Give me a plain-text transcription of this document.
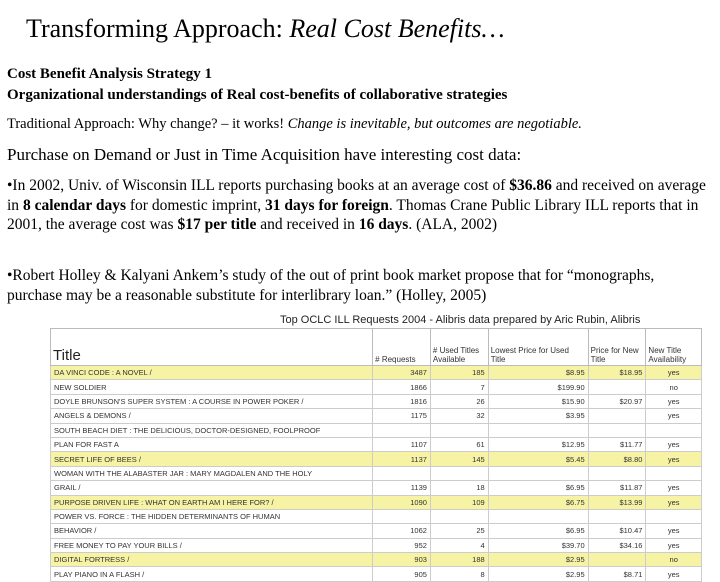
Transforming Approach: Real Cost Benefits…
Cost Benefit Analysis Strategy 1
Organizational understandings of Real cost-benefits of collaborative strategies
Traditional Approach: Why change? – it works! Change is inevitable, but outcomes are negotiable.
Purchase on Demand or Just in Time Acquisition have interesting cost data:
•In 2002, Univ. of Wisconsin ILL reports purchasing books at an average cost of $36.86 and received on average in 8 calendar days for domestic imprint, 31 days for foreign. Thomas Crane Public Library ILL reports that in 2001, the average cost was $17 per title and received in 16 days. (ALA, 2002)
•Robert Holley & Kalyani Ankem’s study of the out of print book market propose that for “monographs, purchase may be a reasonable substitute for interlibrary loan.” (Holley, 2005)
Top OCLC ILL Requests 2004 - Alibris data prepared by Aric Rubin, Alibris
Title	# Requests	# Used Titles Available	Lowest Price for Used Title	Price for New Title	New Title Availability
DA VINCI CODE : A NOVEL /	3487	185	$8.95	$18.95	yes
NEW SOLDIER	1866	7	$199.90		no
DOYLE BRUNSON'S SUPER SYSTEM : A COURSE IN POWER POKER /	1816	26	$15.90	$20.97	yes
ANGELS & DEMONS /	1175	32	$3.95		yes
SOUTH BEACH DIET : THE DELICIOUS, DOCTOR-DESIGNED, FOOLPROOF					
PLAN FOR FAST A	1107	61	$12.95	$11.77	yes
SECRET LIFE OF BEES /	1137	145	$5.45	$8.80	yes
WOMAN WITH THE ALABASTER JAR : MARY MAGDALEN AND THE HOLY					
GRAIL /	1139	18	$6.95	$11.87	yes
PURPOSE DRIVEN LIFE : WHAT ON EARTH AM I HERE FOR? /	1090	109	$6.75	$13.99	yes
POWER VS. FORCE : THE HIDDEN DETERMINANTS OF HUMAN					
BEHAVIOR /	1062	25	$6.95	$10.47	yes
FREE MONEY TO PAY YOUR BILLS /	952	4	$39.70	$34.16	yes
DIGITAL FORTRESS /	903	188	$2.95		no
PLAY PIANO IN A FLASH /	905	8	$2.95	$8.71	yes
